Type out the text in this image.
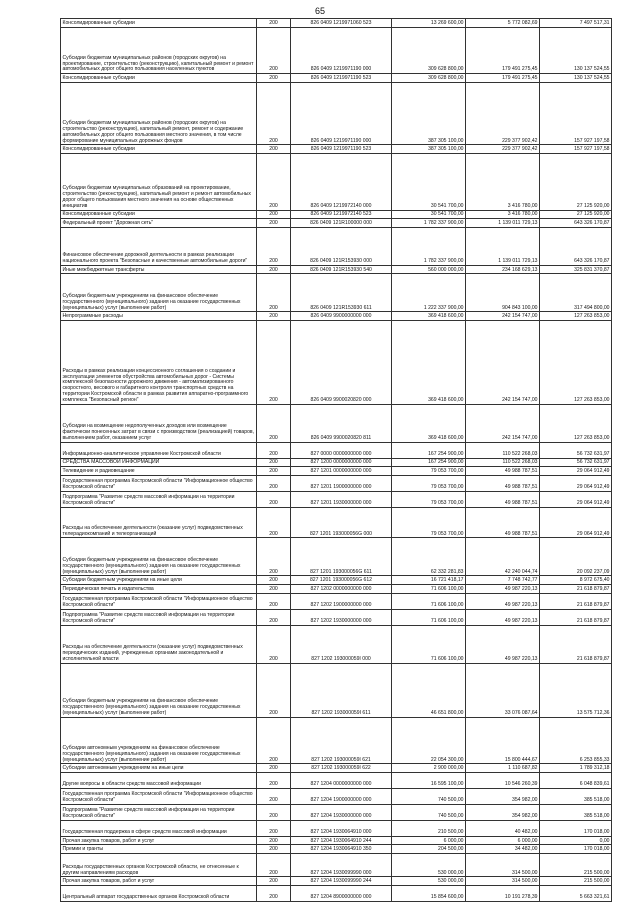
65
Консолидированные субсидии	200	826 0409 1219971060 523	13 269 600,00	5 772 082,69	7 497 517,31
Субсидии бюджетам муниципальных районов (городских округов) на проектирование, строительство (реконструкцию), капитальный ремонт и ремонт автомобильных дорог общего пользования населенных пунктов	200	826 0409 1219971190 000	309 628 800,00	179 491 275,45	130 137 524,55
Консолидированные субсидии	200	826 0409 1219971190 523	309 628 800,00	179 491 275,45	130 137 524,55
Субсидии бюджетам муниципальных районов (городских округов) на строительство (реконструкцию), капитальный ремонт, ремонт и содержание автомобильных дорог общего пользования местного значения, в том числе формирование муниципальных дорожных фондов	200	826 0409 1219971190 000	387 305 100,00	229 377 902,42	157 927 197,58
Консолидированные субсидии	200	826 0409 1219971190 523	387 305 100,00	229 377 902,42	157 927 197,58
Субсидии бюджетам муниципальных образований на проектирование, строительство (реконструкцию), капитальный ремонт и ремонт автомобильных дорог общего пользования местного значения на основе общественных инициатив	200	826 0409 1219972140 000	30 541 700,00	3 416 780,00	27 125 920,00
Консолидированные субсидии	200	826 0409 1219972140 523	30 541 700,00	3 416 780,00	27 125 920,00
Федеральный проект "Дорожная сеть"	200	826 0409 121R100000 000	1 782 337 900,00	1 139 011 729,13	643 326 170,87
Финансовое обеспечение дорожной деятельности в рамках реализации национального проекта "Безопасные и качественные автомобильные дороги"	200	826 0409 121R153930 000	1 782 337 900,00	1 139 011 729,13	643 326 170,87
Иные межбюджетные трансферты	200	826 0409 121R153930 540	560 000 000,00	234 168 629,13	325 831 370,87
Субсидии бюджетным учреждениям на финансовое обеспечение государственного (муниципального) задания на оказание государственных (муниципальных) услуг (выполнение работ)	200	826 0409 121R153930 611	1 222 337 900,00	904 843 100,00	317 494 800,00
Непрограммные расходы	200	826 0409 9900000000 000	369 418 600,00	242 154 747,00	127 263 853,00
Расходы в рамках реализации концессионного соглашения о создании и эксплуатации элементов обустройства автомобильных дорог - Системы комплексной безопасности дорожного движения - автоматизированного скоростного, весового и габаритного контроля транспортных средств на территории Костромской области в рамках развития аппаратно-программного комплекса "Безопасный регион"	200	826 0409 9900020820 000	369 418 600,00	242 154 747,00	127 263 853,00
Субсидии на возмещение недополученных доходов или возмещение фактически понесенных затрат в связи с производством (реализацией) товаров, выполнением работ, оказанием услуг	200	826 0409 9900020820 811	369 418 600,00	242 154 747,00	127 263 853,00
Информационно-аналитическое управление Костромской области	200	827 0000 0000000000 000	167 254 900,00	110 522 268,03	56 732 631,97
СРЕДСТВА МАССОВОЙ ИНФОРМАЦИИ	200	827 1200 0000000000 000	167 254 900,00	110 522 268,03	56 732 631,97
Телевидение и радиовещание	200	827 1201 0000000000 000	79 053 700,00	49 988 787,51	29 064 912,49
Государственная программа Костромской области "Информационное общество Костромской области"	200	827 1201 1900000000 000	79 053 700,00	49 988 787,51	29 064 912,49
Подпрограмма "Развитие средств массовой информации на территории Костромской области"	200	827 1201 1930000000 000	79 053 700,00	49 988 787,51	29 064 912,49
Расходы на обеспечение деятельности (оказание услуг) подведомственных телерадиокомпаний и телеорганизаций	200	827 1201 193000056G 000	79 053 700,00	49 988 787,51	29 064 912,49
Субсидии бюджетным учреждениям на финансовое обеспечение государственного (муниципального) задания на оказание государственных (муниципальных) услуг (выполнение работ)	200	827 1201 193000056G 611	62 332 281,83	42 240 044,74	20 092 237,09
Субсидии бюджетным учреждениям на иные цели	200	827 1201 193000056G 612	16 721 418,17	7 748 742,77	8 972 675,40
Периодическая печать и издательства	200	827 1202 0000000000 000	71 606 100,00	49 987 220,13	21 618 879,87
Государственная программа Костромской области "Информационное общество Костромской области"	200	827 1202 1900000000 000	71 606 100,00	49 987 220,13	21 618 879,87
Подпрограмма "Развитие средств массовой информации на территории Костромской области"	200	827 1202 1930000000 000	71 606 100,00	49 987 220,13	21 618 879,87
Расходы на обеспечение деятельности (оказание услуг) подведомственных периодических изданий, учрежденных органами законодательной и исполнительной власти	200	827 1202 193000059I 000	71 606 100,00	49 987 220,13	21 618 879,87
Субсидии бюджетным учреждениям на финансовое обеспечение государственного (муниципального) задания на оказание государственных (муниципальных) услуг (выполнение работ)	200	827 1202 193000059I 611	46 651 800,00	33 076 087,64	13 575 712,36
Субсидии автономным учреждениям на финансовое обеспечение государственного (муниципального) задания на оказание государственных (муниципальных) услуг (выполнение работ)	200	827 1202 193000059I 621	22 054 300,00	15 800 444,67	6 253 855,33
Субсидии автономным учреждениям на иные цели	200	827 1202 193000059I 622	2 900 000,00	1 110 687,82	1 789 312,18
Другие вопросы в области средств массовой информации	200	827 1204 0000000000 000	16 595 100,00	10 546 260,39	6 048 839,61
Государственная программа Костромской области "Информационное общество Костромской области"	200	827 1204 1900000000 000	740 500,00	354 982,00	385 518,00
Подпрограмма "Развитие средств массовой информации на территории Костромской области"	200	827 1204 1930000000 000	740 500,00	354 982,00	385 518,00
Государственная поддержка в сфере средств массовой информации	200	827 1204 1930064910 000	210 500,00	40 482,00	170 018,00
Прочая закупка товаров, работ и услуг	200	827 1204 1930064910 244	6 000,00	6 000,00	0,00
Премии и гранты	200	827 1204 1930064910 350	204 500,00	34 482,00	170 018,00
Расходы государственных органов Костромской области, не отнесенные к другим направлениям расходов	200	827 1204 1930099990 000	530 000,00	314 500,00	215 500,00
Прочая закупка товаров, работ и услуг	200	827 1204 1930099990 244	530 000,00	314 500,00	215 500,00
Центральный аппарат государственных органов Костромской области	200	827 1204 8900000000 000	15 854 600,00	10 191 278,39	5 663 321,61
